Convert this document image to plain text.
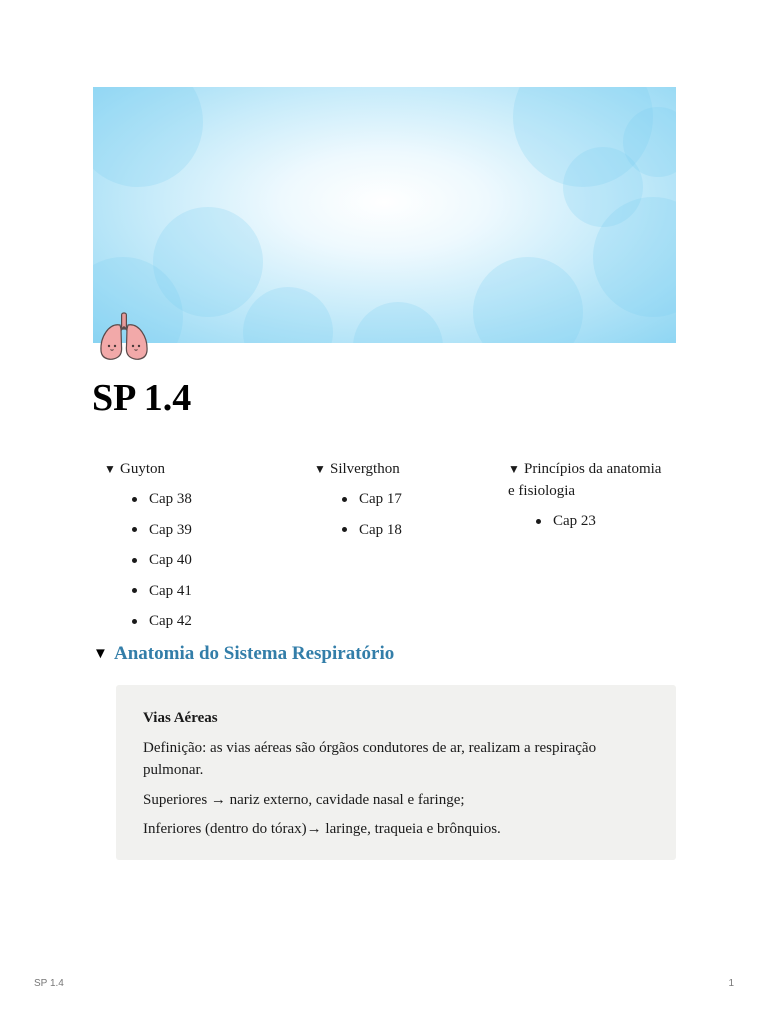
SP 1.4
▼ Guyton
Cap 38
Cap 39
Cap 40
Cap 41
Cap 42
▼ Silvergthon
Cap 17
Cap 18
▼ Princípios da anatomia
e fisiologia
Cap 23
▼ Anatomia do Sistema Respiratório

Vias Aéreas

Definição: as vias aéreas são órgãos condutores de ar, realizam a respiração
pulmonar.

Superiores → nariz externo, cavidade nasal e faringe;

Inferiores (dentro do tórax)→ laringe, traqueia e brônquios.

SP 1.4	1
